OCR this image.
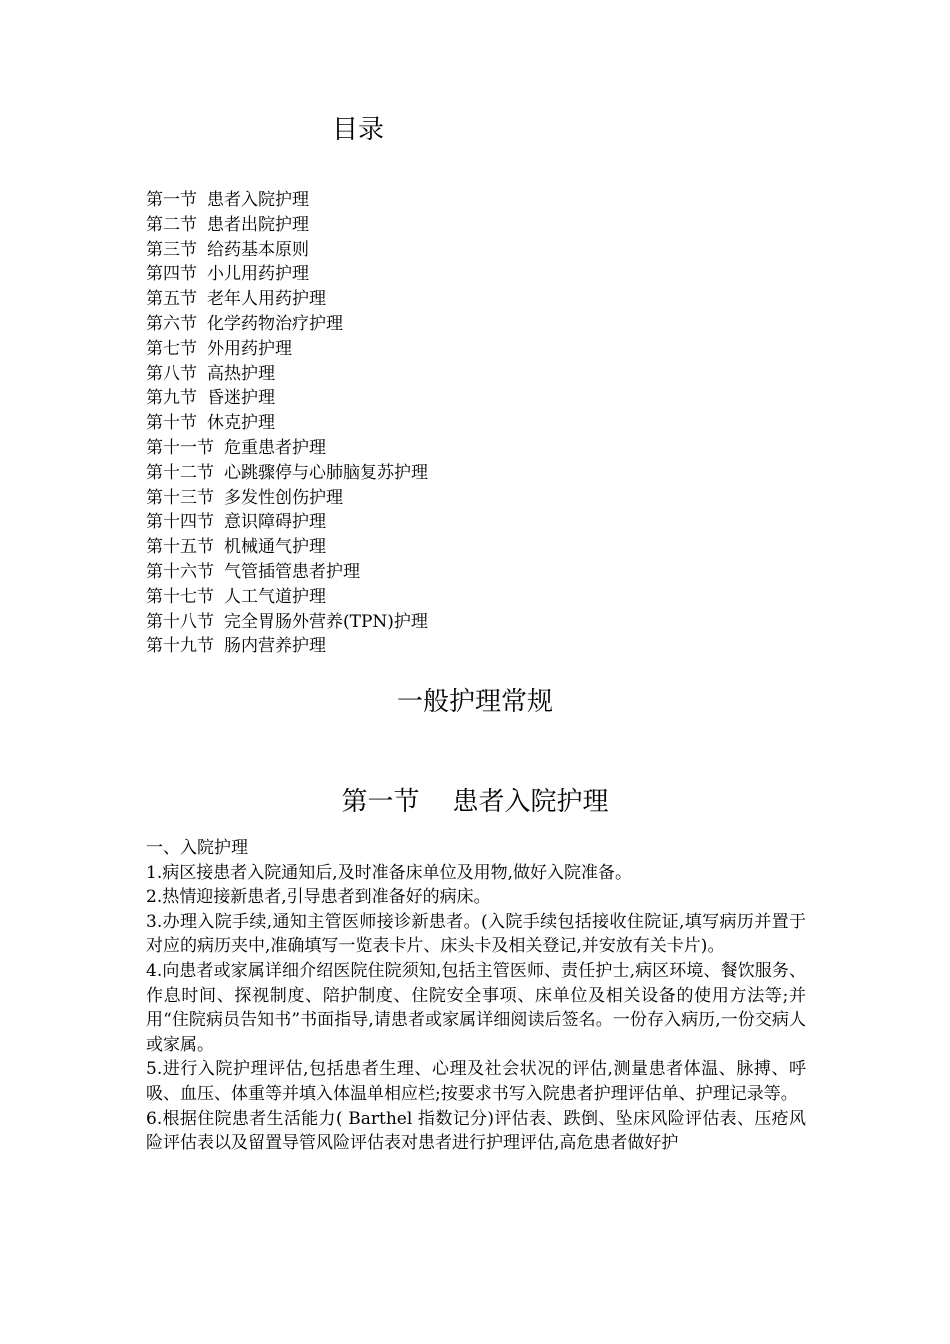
目录
第一节 患者入院护理
第二节 患者出院护理
第三节 给药基本原则
第四节 小儿用药护理
第五节 老年人用药护理
第六节 化学药物治疗护理
第七节 外用药护理
第八节 高热护理
第九节 昏迷护理
第十节 休克护理
第十一节 危重患者护理
第十二节 心跳骤停与心肺脑复苏护理
第十三节 多发性创伤护理
第十四节 意识障碍护理
第十五节 机械通气护理
第十六节 气管插管患者护理
第十七节 人工气道护理
第十八节 完全胃肠外营养(TPN)护理
第十九节 肠内营养护理
一般护理常规
第一节    患者入院护理

一、入院护理

1.病区接患者入院通知后,及时准备床单位及用物,做好入院准备。

2.热情迎接新患者,引导患者到准备好的病床。

3.办理入院手续,通知主管医师接诊新患者。(入院手续包括接收住院证,填写病历并置于对应的病历夹中,准确填写一览表卡片、床头卡及相关登记,并安放有关卡片)。

4.向患者或家属详细介绍医院住院须知,包括主管医师、责任护士,病区环境、餐饮服务、作息时间、探视制度、陪护制度、住院安全事项、床单位及相关设备的使用方法等;并用“住院病员告知书”书面指导,请患者或家属详细阅读后签名。一份存入病历,一份交病人或家属。

5.进行入院护理评估,包括患者生理、心理及社会状况的评估,测量患者体温、脉搏、呼吸、血压、体重等并填入体温单相应栏;按要求书写入院患者护理评估单、护理记录等。

6.根据住院患者生活能力( Barthel 指数记分)评估表、跌倒、坠床风险评估表、压疮风险评估表以及留置导管风险评估表对患者进行护理评估,高危患者做好护
